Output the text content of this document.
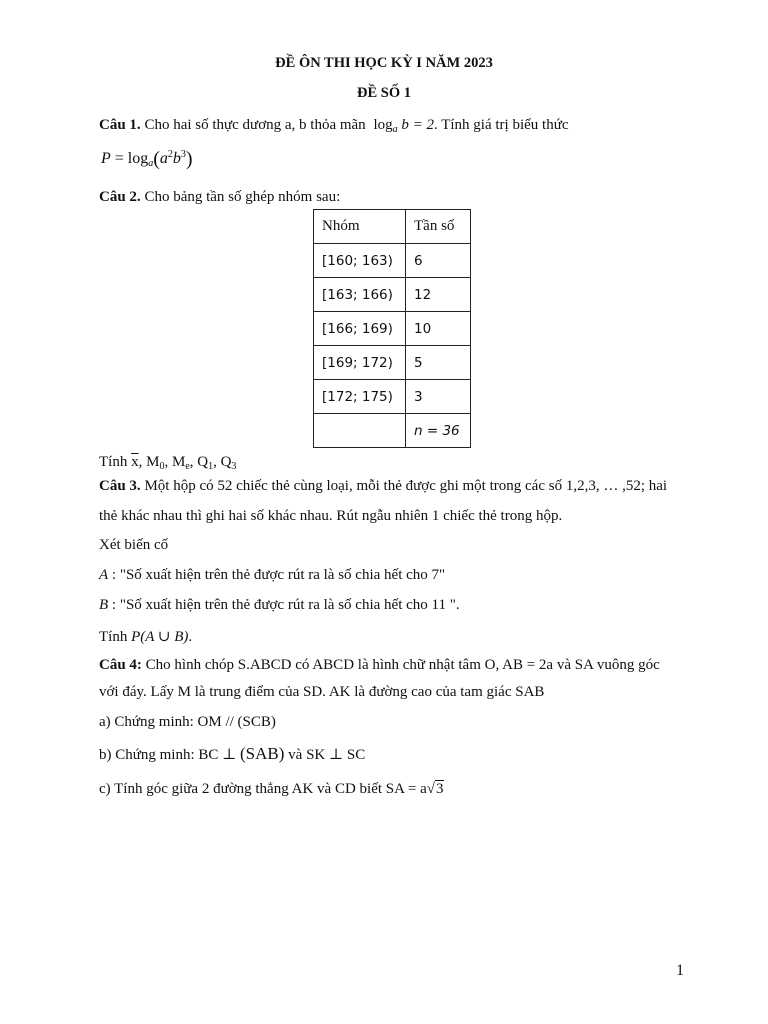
ĐỀ ÔN THI HỌC KỲ I NĂM 2023
ĐỀ SỐ 1
Câu 1. Cho hai số thực dương a, b thỏa mãn $\log_a b = 2$. Tính giá trị biểu thức
$P = \log_a(a^2b^3)$
Câu 2. Cho bảng tần số ghép nhóm sau:
Nhóm	Tần số
[160; 163)	6
[163; 166)	12
[166; 169)	10
[169; 172)	5
[172; 175)	3
	n = 36
Tính $\overline{x}$, $M_0$, $M_e$, $Q_1$, $Q_3$
Câu 3. Một hộp có 52 chiếc thẻ cùng loại, mỗi thẻ được ghi một trong các số 1,2,3, … ,52; hai
thẻ khác nhau thì ghi hai số khác nhau. Rút ngẫu nhiên 1 chiếc thẻ trong hộp.
Xét biến cố
A : "Số xuất hiện trên thẻ được rút ra là số chia hết cho 7"
B : "Số xuất hiện trên thẻ được rút ra là số chia hết cho 11 ".
Tính P(A ∪ B).
Câu 4: Cho hình chóp S.ABCD có ABCD là hình chữ nhật tâm O, AB = 2a và SA vuông góc
với đáy. Lấy M là trung điểm của SD. AK là đường cao của tam giác SAB
a) Chứng minh: OM // (SCB)
b) Chứng minh: BC ⊥ (SAB) và SK ⊥ SC
c) Tính góc giữa 2 đường thẳng AK và CD biết SA = a√3
1
